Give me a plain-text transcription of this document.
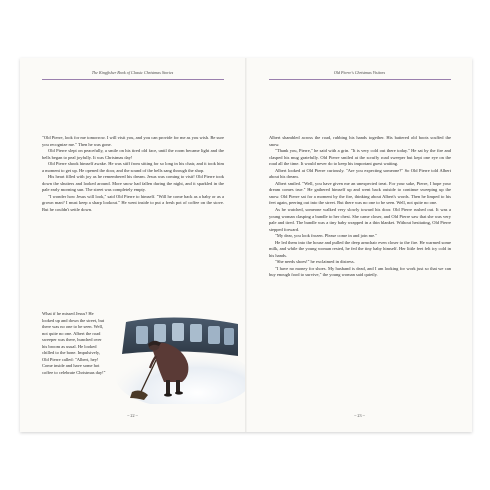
The Kingfisher Book of Classic Christmas Stories

"Old Pierre, look for me tomorrow. I will visit you, and you can provide for me as you wish. Be sure you recognize me." Then he was gone.

Old Pierre slept on peacefully, a smile on his tired old face, until the room became light and the bells began to peal joyfully. It was Christmas day!

Old Pierre shook himself awake. He was stiff from sitting for so long in his chair, and it took him a moment to get up. He opened the door, and the sound of the bells sang through the shop.

His heart filled with joy as he remembered his dream. Jesus was coming to visit! Old Pierre took down the shutters and looked around. More snow had fallen during the night, and it sparkled in the pale early morning sun. The street was completely empty.

"I wonder how Jesus will look," said Old Pierre to himself. "Will he come back as a baby or as a grown man? I must keep a sharp lookout." He went inside to put a fresh pot of coffee on the stove. But he couldn't settle down.

What if he missed Jesus? He looked up and down the street, but there was no one to be seen. Well, not quite no one. Albert the road sweeper was there, hunched over his broom as usual. He looked chilled to the bone. Impulsively, Old Pierre called: "Albert, hey! Come inside and have some hot coffee to celebrate Christmas day!"

~ 22 ~
Old Pierre's Christmas Visitors

Albert shambled across the road, rubbing his hands together. His battered old boots scuffed the snow.

"Thank you, Pierre," he said with a grin. "It is very cold out there today." He sat by the fire and clasped his mug gratefully. Old Pierre smiled at the scruffy road sweeper but kept one eye on the road all the time. It would never do to keep his important guest waiting.

Albert looked at Old Pierre curiously. "Are you expecting someone?" So Old Pierre told Albert about his dream.

Albert smiled. "Well, you have given me an unexpected treat. For your sake, Pierre, I hope your dream comes true." He gathered himself up and went back outside to continue sweeping up the snow. Old Pierre sat for a moment by the fire, thinking about Albert's words. Then he limped to his feet again, peering out into the street. But there was no one to be seen. Well, not quite no one.

As he watched, someone walked very slowly toward his door. Old Pierre rushed out. It was a young woman clasping a bundle to her chest. She came closer, and Old Pierre saw that she was very pale and tired. The bundle was a tiny baby wrapped in a thin blanket. Without hesitating, Old Pierre stepped forward.

"My dear, you look frozen. Please come in and join me."

He led them into the house and pulled the deep armchair even closer to the fire. He warmed some milk, and while the young woman rested, he fed the tiny baby himself. Her little feet felt icy cold in his hands.

"She needs shoes!" he exclaimed in distress.

"I have no money for shoes. My husband is dead, and I am looking for work just so that we can buy enough food to survive," the young woman said quietly.

~ 23 ~
